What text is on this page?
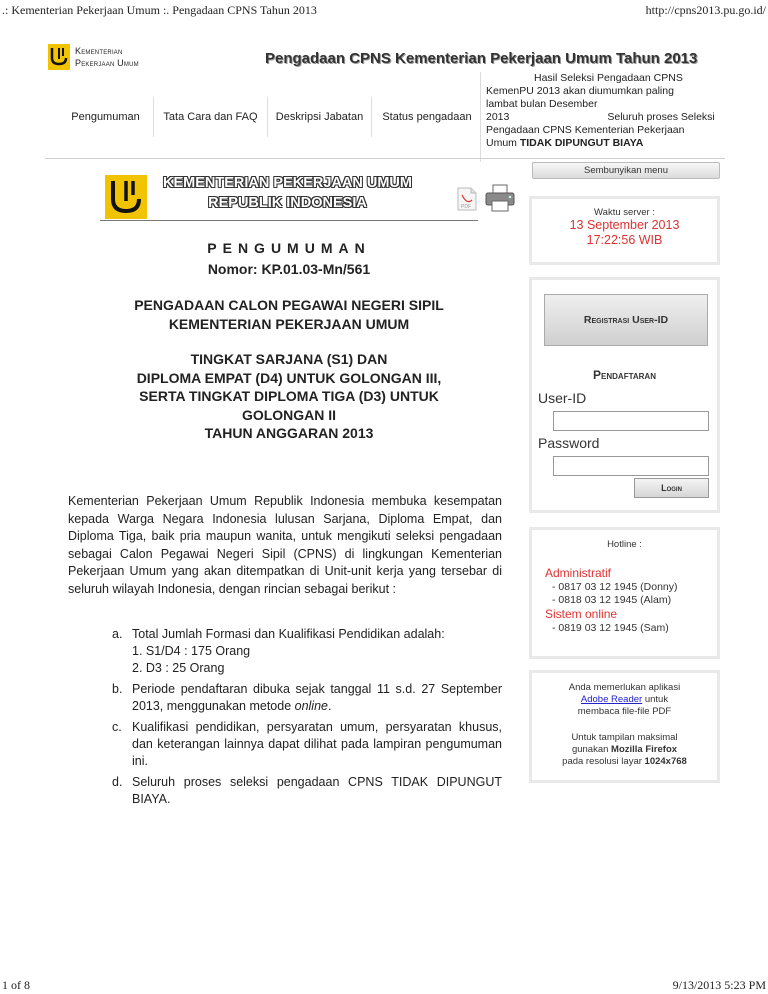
.: Kementerian Pekerjaan Umum :. Pengadaan CPNS Tahun 2013	http://cpns2013.pu.go.id/
1 of 8	9/13/2013 5:23 PM
Kementerian
Pekerjaan Umum	Pengadaan CPNS Kementerian Pekerjaan Umum Tahun 2013
Pengumuman	Tata Cara dan FAQ	Deskripsi Jabatan	Status pengadaan
Hasil Seleksi Pengadaan CPNS
KemenPU 2013 akan diumumkan paling
lambat bulan Desember
2013	Seluruh proses Seleksi
Pengadaan CPNS Kementerian Pekerjaan
Umum TIDAK DIPUNGUT BIAYA
KEMENTERIAN PEKERJAAN UMUM
REPUBLIK INDONESIA	PDF
PENGUMUMAN
Nomor: KP.01.03-Mn/561
PENGADAAN CALON PEGAWAI NEGERI SIPIL
KEMENTERIAN PEKERJAAN UMUM
TINGKAT SARJANA (S1) DAN
DIPLOMA EMPAT (D4) UNTUK GOLONGAN III,
SERTA TINGKAT DIPLOMA TIGA (D3) UNTUK
GOLONGAN II
TAHUN ANGGARAN 2013

Kementerian Pekerjaan Umum Republik Indonesia membuka kesempatan kepada Warga Negara Indonesia lulusan Sarjana, Diploma Empat, dan Diploma Tiga, baik pria maupun wanita, untuk mengikuti seleksi pengadaan sebagai Calon Pegawai Negeri Sipil (CPNS) di lingkungan Kementerian Pekerjaan Umum yang akan ditempatkan di Unit-unit kerja yang tersebar di seluruh wilayah Indonesia, dengan rincian sebagai berikut :

a. Total Jumlah Formasi dan Kualifikasi Pendidikan adalah:
1. S1/D4 : 175 Orang
2. D3 : 25 Orang
b. Periode pendaftaran dibuka sejak tanggal 11 s.d. 27 September 2013, menggunakan metode online.
c. Kualifikasi pendidikan, persyaratan umum, persyaratan khusus, dan keterangan lainnya dapat dilihat pada lampiran pengumuman ini.
d. Seluruh proses seleksi pengadaan CPNS TIDAK DIPUNGUT BIAYA.
Sembunyikan menu
Waktu server :
13 September 2013
17:22:56 WIB
Registrasi User-ID
Pendaftaran
User-ID
Password
Login
Hotline :
Administratif
- 0817 03 12 1945 (Donny)
- 0818 03 12 1945 (Alam)
Sistem online
- 0819 03 12 1945 (Sam)
Anda memerlukan aplikasi
Adobe Reader untuk
membaca file-file PDF
Untuk tampilan maksimal
gunakan Mozilla Firefox
pada resolusi layar 1024x768
